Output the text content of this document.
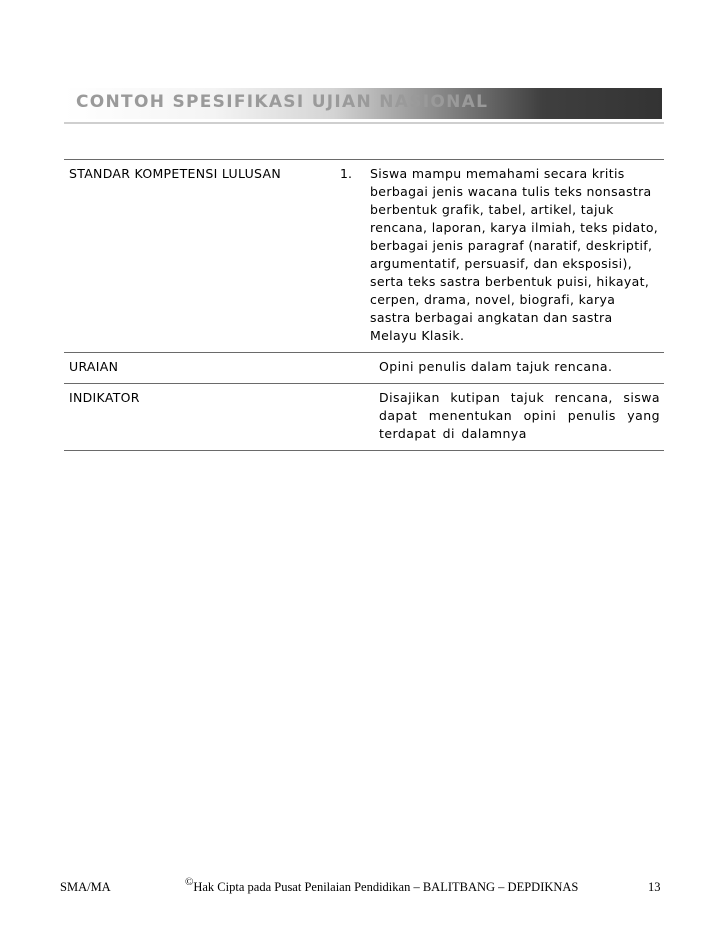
CONTOH SPESIFIKASI UJIAN NASIONAL
STANDAR KOMPETENSI LULUSAN	1. Siswa mampu memahami secara kritis berbagai jenis wacana tulis teks nonsastra berbentuk grafik, tabel, artikel, tajuk rencana, laporan, karya ilmiah, teks pidato, berbagai jenis paragraf (naratif, deskriptif, argumentatif, persuasif, dan eksposisi), serta teks sastra berbentuk puisi, hikayat, cerpen, drama, novel, biografi, karya sastra berbagai angkatan dan sastra Melayu Klasik.

URAIAN	Opini penulis dalam tajuk rencana.

INDIKATOR	Disajikan kutipan tajuk rencana, siswa dapat menentukan opini penulis yang terdapat di dalamnya
SMA/MA	©Hak Cipta pada Pusat Penilaian Pendidikan – BALITBANG – DEPDIKNAS	13
